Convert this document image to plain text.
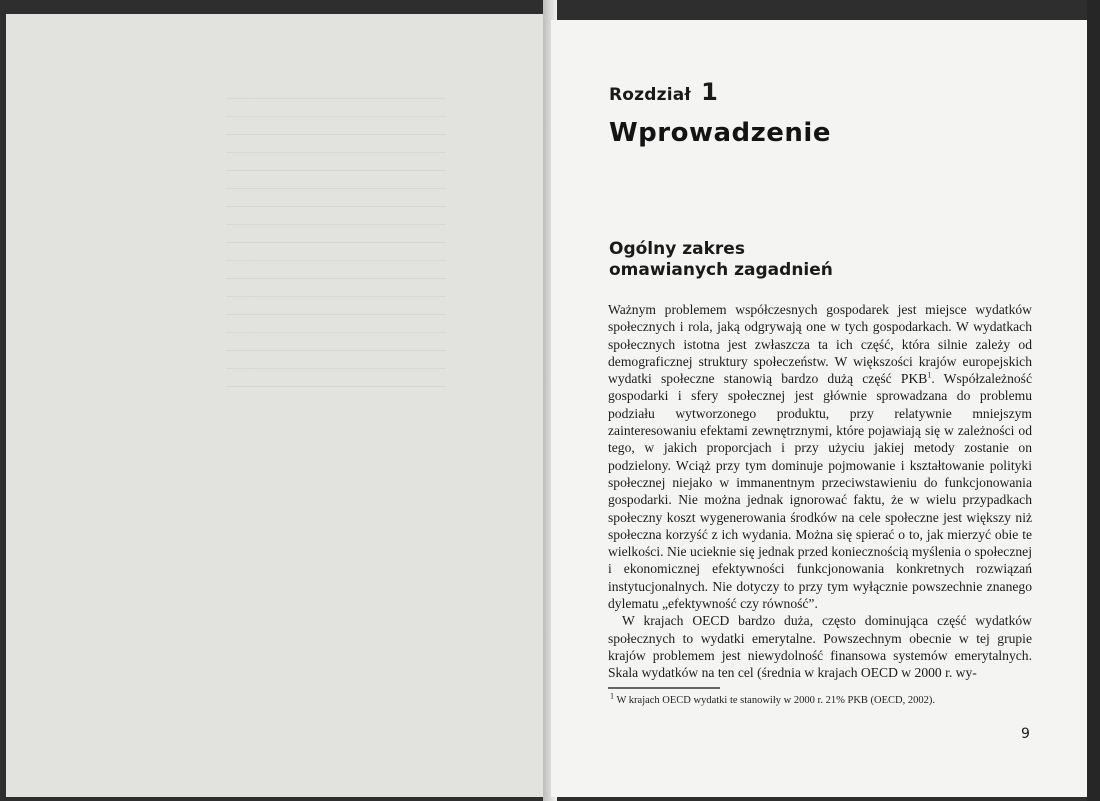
Rozdział 1
Wprowadzenie
Ogólny zakres
omawianych zagadnień

Ważnym problemem współczesnych gospodarek jest miejsce wydatków społecznych i rola, jaką odgrywają one w tych gospodarkach. W wydatkach społecznych istotna jest zwłaszcza ta ich część, która silnie zależy od demograficznej struktury społeczeństw. W większości krajów europejskich wydatki społeczne stanowią bardzo dużą część PKB$^1$. Współzależność gospodarki i sfery społecznej jest głównie sprowadzana do problemu podziału wytworzonego produktu, przy relatywnie mniejszym zainteresowaniu efektami zewnętrznymi, które pojawiają się w zależności od tego, w jakich proporcjach i przy użyciu jakiej metody zostanie on podzielony. Wciąż przy tym dominuje pojmowanie i kształtowanie polityki społecznej niejako w immanentnym przeciwstawieniu do funkcjonowania gospodarki. Nie można jednak ignorować faktu, że w wielu przypadkach społeczny koszt wygenerowania środków na cele społeczne jest większy niż społeczna korzyść z ich wydania. Można się spierać o to, jak mierzyć obie te wielkości. Nie ucieknie się jednak przed koniecznością myślenia o społecznej i ekonomicznej efektywności funkcjonowania konkretnych rozwiązań instytucjonalnych. Nie dotyczy to przy tym wyłącznie powszechnie znanego dylematu „efektywność czy równość”.

W krajach OECD bardzo duża, często dominująca część wydatków społecznych to wydatki emerytalne. Powszechnym obecnie w tej grupie krajów problemem jest niewydolność finansowa systemów emerytalnych. Skala wydatków na ten cel (średnia w krajach OECD w 2000 r. wy-

$^1$ W krajach OECD wydatki te stanowiły w 2000 r. 21% PKB (OECD, 2002).
9
